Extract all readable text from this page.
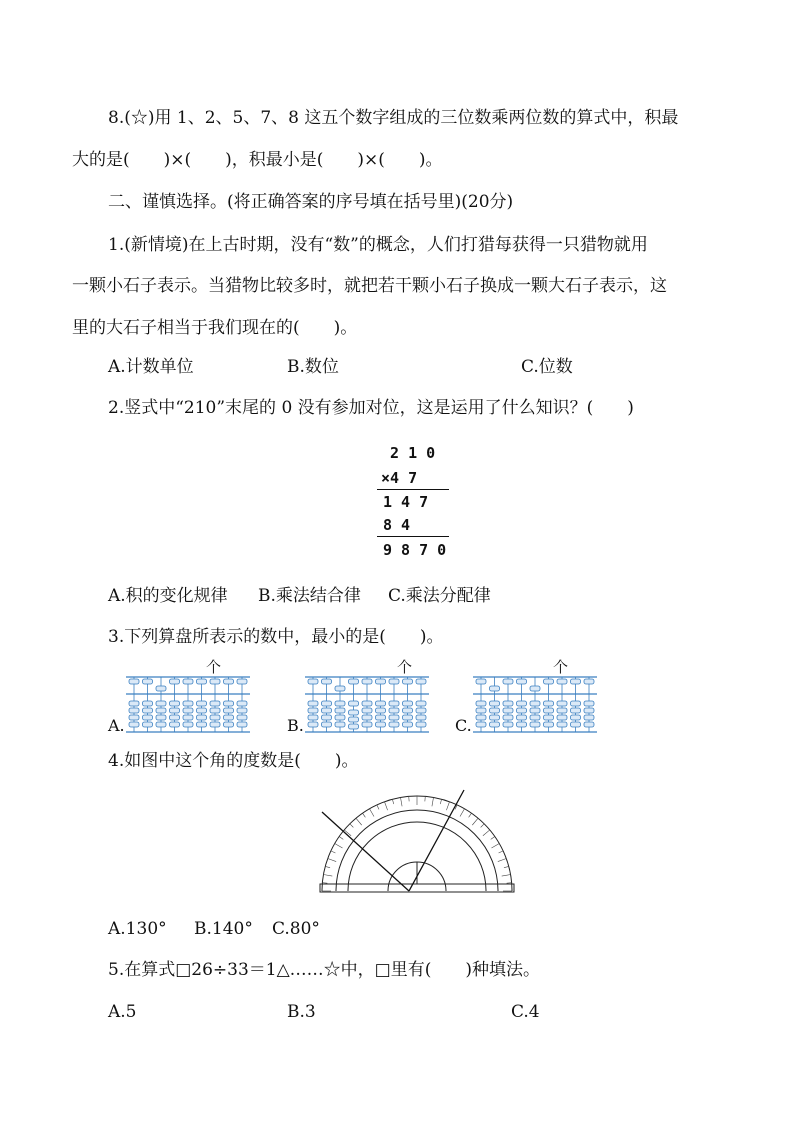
8.(☆)用 1、2、5、7、8 这五个数字组成的三位数乘两位数的算式中，积最
大的是(　　)×(　　)，积最小是(　　)×(　　)。
二、谨慎选择。(将正确答案的序号填在括号里)(20分)
1.(新情境)在上古时期，没有“数”的概念，人们打猎每获得一只猎物就用
一颗小石子表示。当猎物比较多时，就把若干颗小石子换成一颗大石子表示，这
里的大石子相当于我们现在的(　　)。
A.计数单位	B.数位	C.位数
2.竖式中“210”末尾的 0 没有参加对位，这是运用了什么知识？(　　)
2 1 0
×4 7
1 4 7
8 4
9 8 7 0
A.积的变化规律 B.乘法结合律 C.乘法分配律
3.下列算盘所表示的数中，最小的是(　　)。
个
A.
个
B.
个
C.
4.如图中这个角的度数是(　　)。
A.130° B.140° C.80°
5.在算式□26÷33＝1△……☆中，□里有(　　)种填法。
A.5	B.3	C.4
